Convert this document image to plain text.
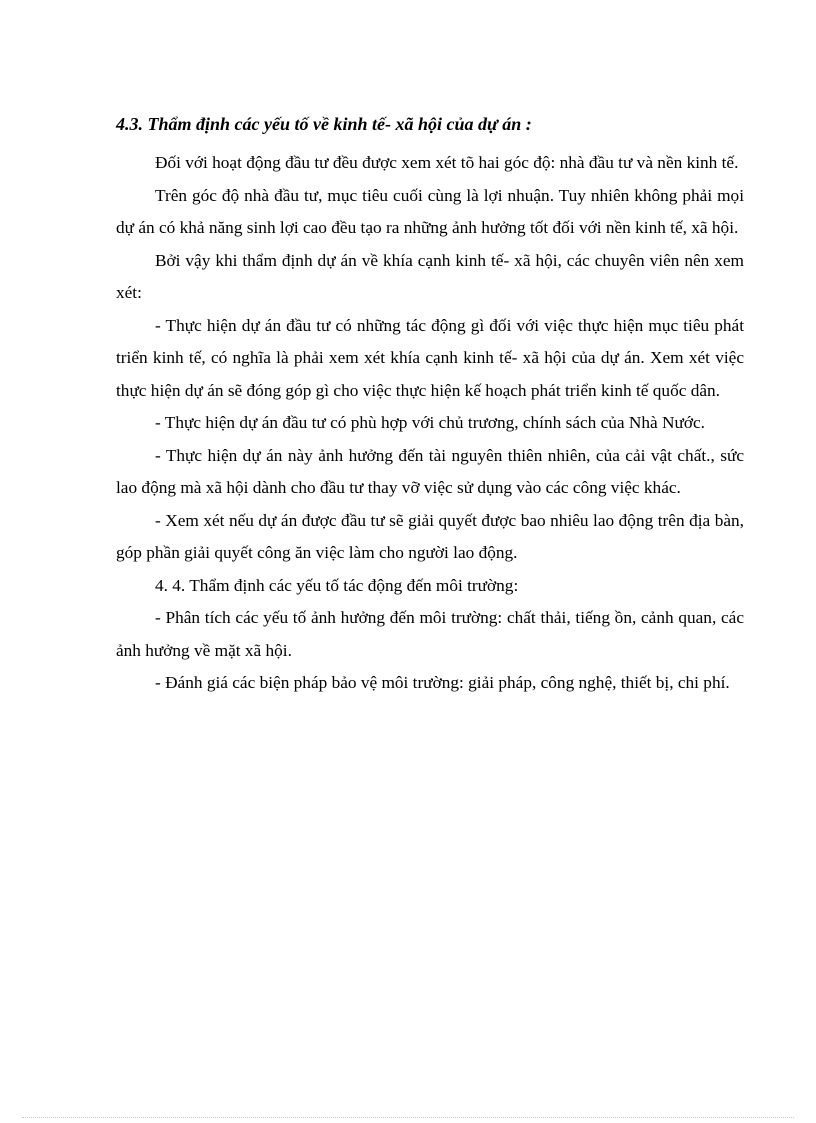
4.3. Thẩm định các yếu tố về kinh tế- xã hội của dự án :

Đối với hoạt động đầu tư đều được xem xét tõ hai góc độ: nhà đầu tư và nền kinh tế.

Trên góc độ nhà đầu tư, mục tiêu cuối cùng là lợi nhuận. Tuy nhiên không phải mọi dự án có khả năng sinh lợi cao đều tạo ra những ảnh hưởng tốt đối với nền kinh tế, xã hội.

Bởi vậy khi thẩm định dự án về khía cạnh kinh tế- xã hội, các chuyên viên nên xem xét:

- Thực hiện dự án đầu tư có những tác động gì đối với việc thực hiện mục tiêu phát triển kinh tế, có nghĩa là phải xem xét khía cạnh kinh tế- xã hội của dự án. Xem xét việc thực hiện dự án sẽ đóng góp gì cho việc thực hiện kế hoạch phát triển kinh tế quốc dân.

- Thực hiện dự án đầu tư có phù hợp với chủ trương, chính sách của Nhà Nước.

- Thực hiện dự án này ảnh hưởng đến tài nguyên thiên nhiên, của cải vật chất., sức lao động mà xã hội dành cho đầu tư thay vỡ việc sử dụng vào các công việc khác.

- Xem xét nếu dự án được đầu tư sẽ giải quyết được bao nhiêu lao động trên địa bàn, góp phần giải quyết công ăn việc làm cho người lao động.

4. 4. Thẩm định các yếu tố tác động đến môi trường:

- Phân tích các yếu tố ảnh hưởng đến môi trường: chất thải, tiếng ồn, cảnh quan, các ảnh hưởng về mặt xã hội.

- Đánh giá các biện pháp bảo vệ môi trường: giải pháp, công nghệ, thiết bị, chi phí.
